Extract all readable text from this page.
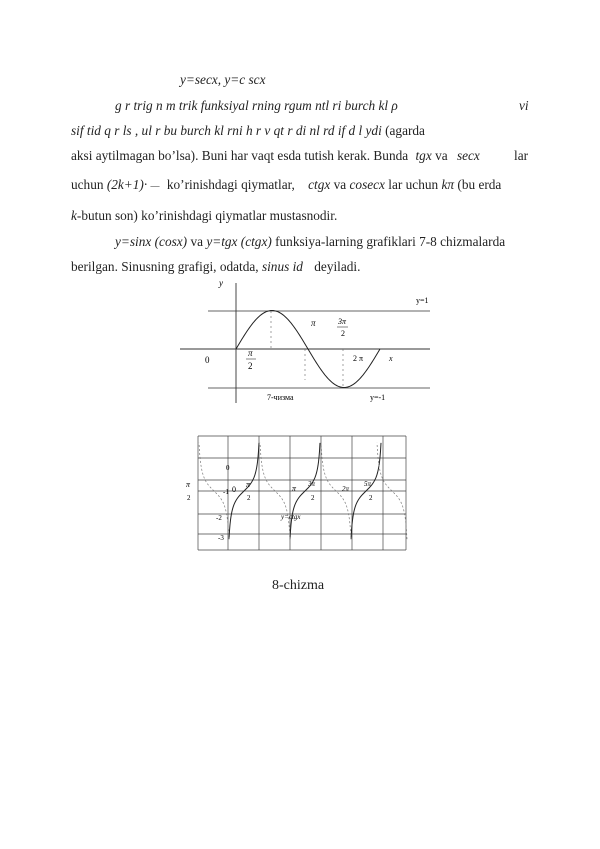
y=secx, y=c scx
g r trig n m trik funksiyal rning rgum ntl ri burch kl ρ	vi
sif tid q r ls , ul r bu burch kl rni h r v qt r di nl rd if d l ydi (agarda
aksi aytilmagan bo’lsa). Buni har vaqt esda tutish kerak. Bunda tgx va secx	lar
uchun (2k+1)· — ko’rinishdagi qiymatlar, ctgx va cosecx lar uchun kπ (bu erda
k-butun son) ko’rinishdagi qiymatlar mustasnodir.
y=sinx (cosx) va y=tgx (ctgx) funksiya-larning grafiklari 7-8 chizmalarda
berilgan. Sinusning grafigi, odatda, sinus id deyiladi.
y
x
0
π
2
π	3π
2
2 π
y=1
y=-1
7-чизма
π
2
0
-1 0
π
2
π 3π
2
2π
5π
2
-2
-3
y=ctgx
8-chizma
